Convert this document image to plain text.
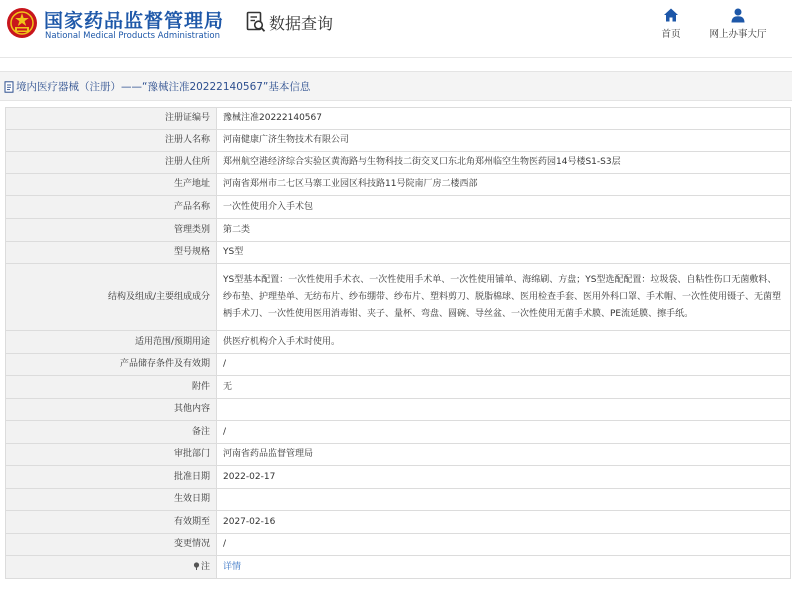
国家药品监督管理局
National Medical Products Administration
数据查询
首页	网上办事大厅
境内医疗器械（注册）——“豫械注准20222140567”基本信息
注册证编号	豫械注准20222140567
注册人名称	河南健康广济生物技术有限公司
注册人住所	郑州航空港经济综合实验区黄海路与生物科技二街交叉口东北角郑州临空生物医药园14号楼S1-S3层
生产地址	河南省郑州市二七区马寨工业园区科技路11号院南厂房二楼西部
产品名称	一次性使用介入手术包
管理类别	第二类
型号规格	YS型
结构及组成/主要组成成分	YS型基本配置：一次性使用手术衣、一次性使用手术单、一次性使用铺单、海绵刷、方盘；YS型选配配置：垃圾袋、自粘性伤口无菌敷料、纱布垫、护理垫单、无纺布片、纱布绷带、纱布片、塑料剪刀、脱脂棉球、医用检查手套、医用外科口罩、手术帽、一次性使用镊子、无菌塑柄手术刀、一次性使用医用消毒钳、夹子、量杯、弯盘、圆碗、导丝盆、一次性使用无菌手术膜、PE流延膜、擦手纸。
适用范围/预期用途	供医疗机构介入手术时使用。
产品储存条件及有效期	/
附件	无
其他内容	
备注	/
审批部门	河南省药品监督管理局
批准日期	2022-02-17
生效日期	
有效期至	2027-02-16
变更情况	/
注	详情
